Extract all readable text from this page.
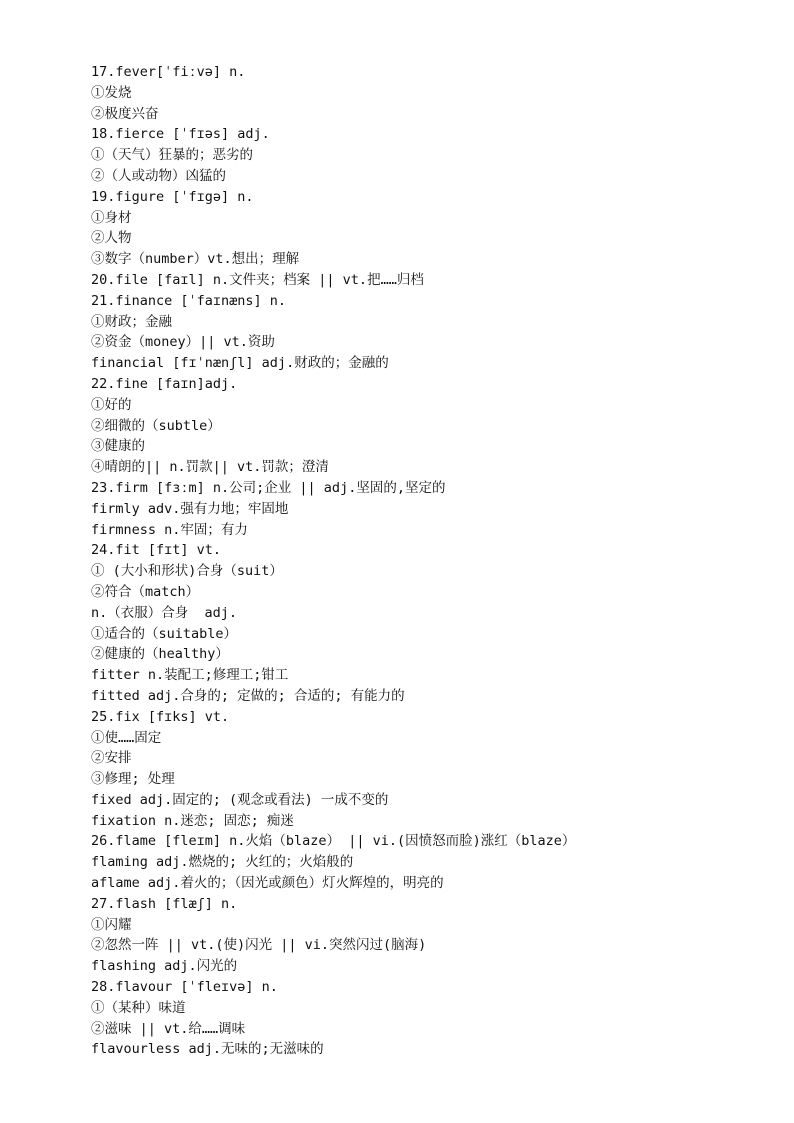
17.fever[ˈfiːvə] n.
①发烧
②极度兴奋
18.fierce [ˈfɪəs] adj.
①（天气）狂暴的；恶劣的
②（人或动物）凶猛的
19.figure [ˈfɪgə] n.
①身材
②人物
③数字（number）vt.想出；理解
20.file [faɪl] n.文件夹；档案 || vt.把……归档
21.finance [ˈfaɪnæns] n.
①财政；金融
②资金（money）|| vt.资助
financial [fɪˈnænʃl] adj.财政的；金融的
22.fine [faɪn]adj.
①好的
②细微的（subtle）
③健康的
④晴朗的|| n.罚款|| vt.罚款；澄清
23.firm [fɜːm] n.公司;企业 || adj.坚固的,坚定的
firmly adv.强有力地；牢固地
firmness n.牢固；有力
24.fit [fɪt] vt.
① (大小和形状)合身（suit）
②符合（match）
n.（衣服）合身  adj.
①适合的（suitable）
②健康的（healthy）
fitter n.装配工;修理工;钳工
fitted adj.合身的; 定做的; 合适的; 有能力的
25.fix [fɪks] vt.
①使……固定
②安排
③修理; 处理
fixed adj.固定的; (观念或看法) 一成不变的
fixation n.迷恋; 固恋; 痴迷
26.flame [fleɪm] n.火焰（blaze） || vi.(因愤怒而脸)涨红（blaze）
flaming adj.燃烧的; 火红的；火焰般的
aflame adj.着火的；（因光或颜色）灯火辉煌的，明亮的
27.flash [flæʃ] n.
①闪耀
②忽然一阵 || vt.(使)闪光 || vi.突然闪过(脑海)
flashing adj.闪光的
28.flavour [ˈfleɪvə] n.
①（某种）味道
②滋味 || vt.给……调味
flavourless adj.无味的;无滋味的
